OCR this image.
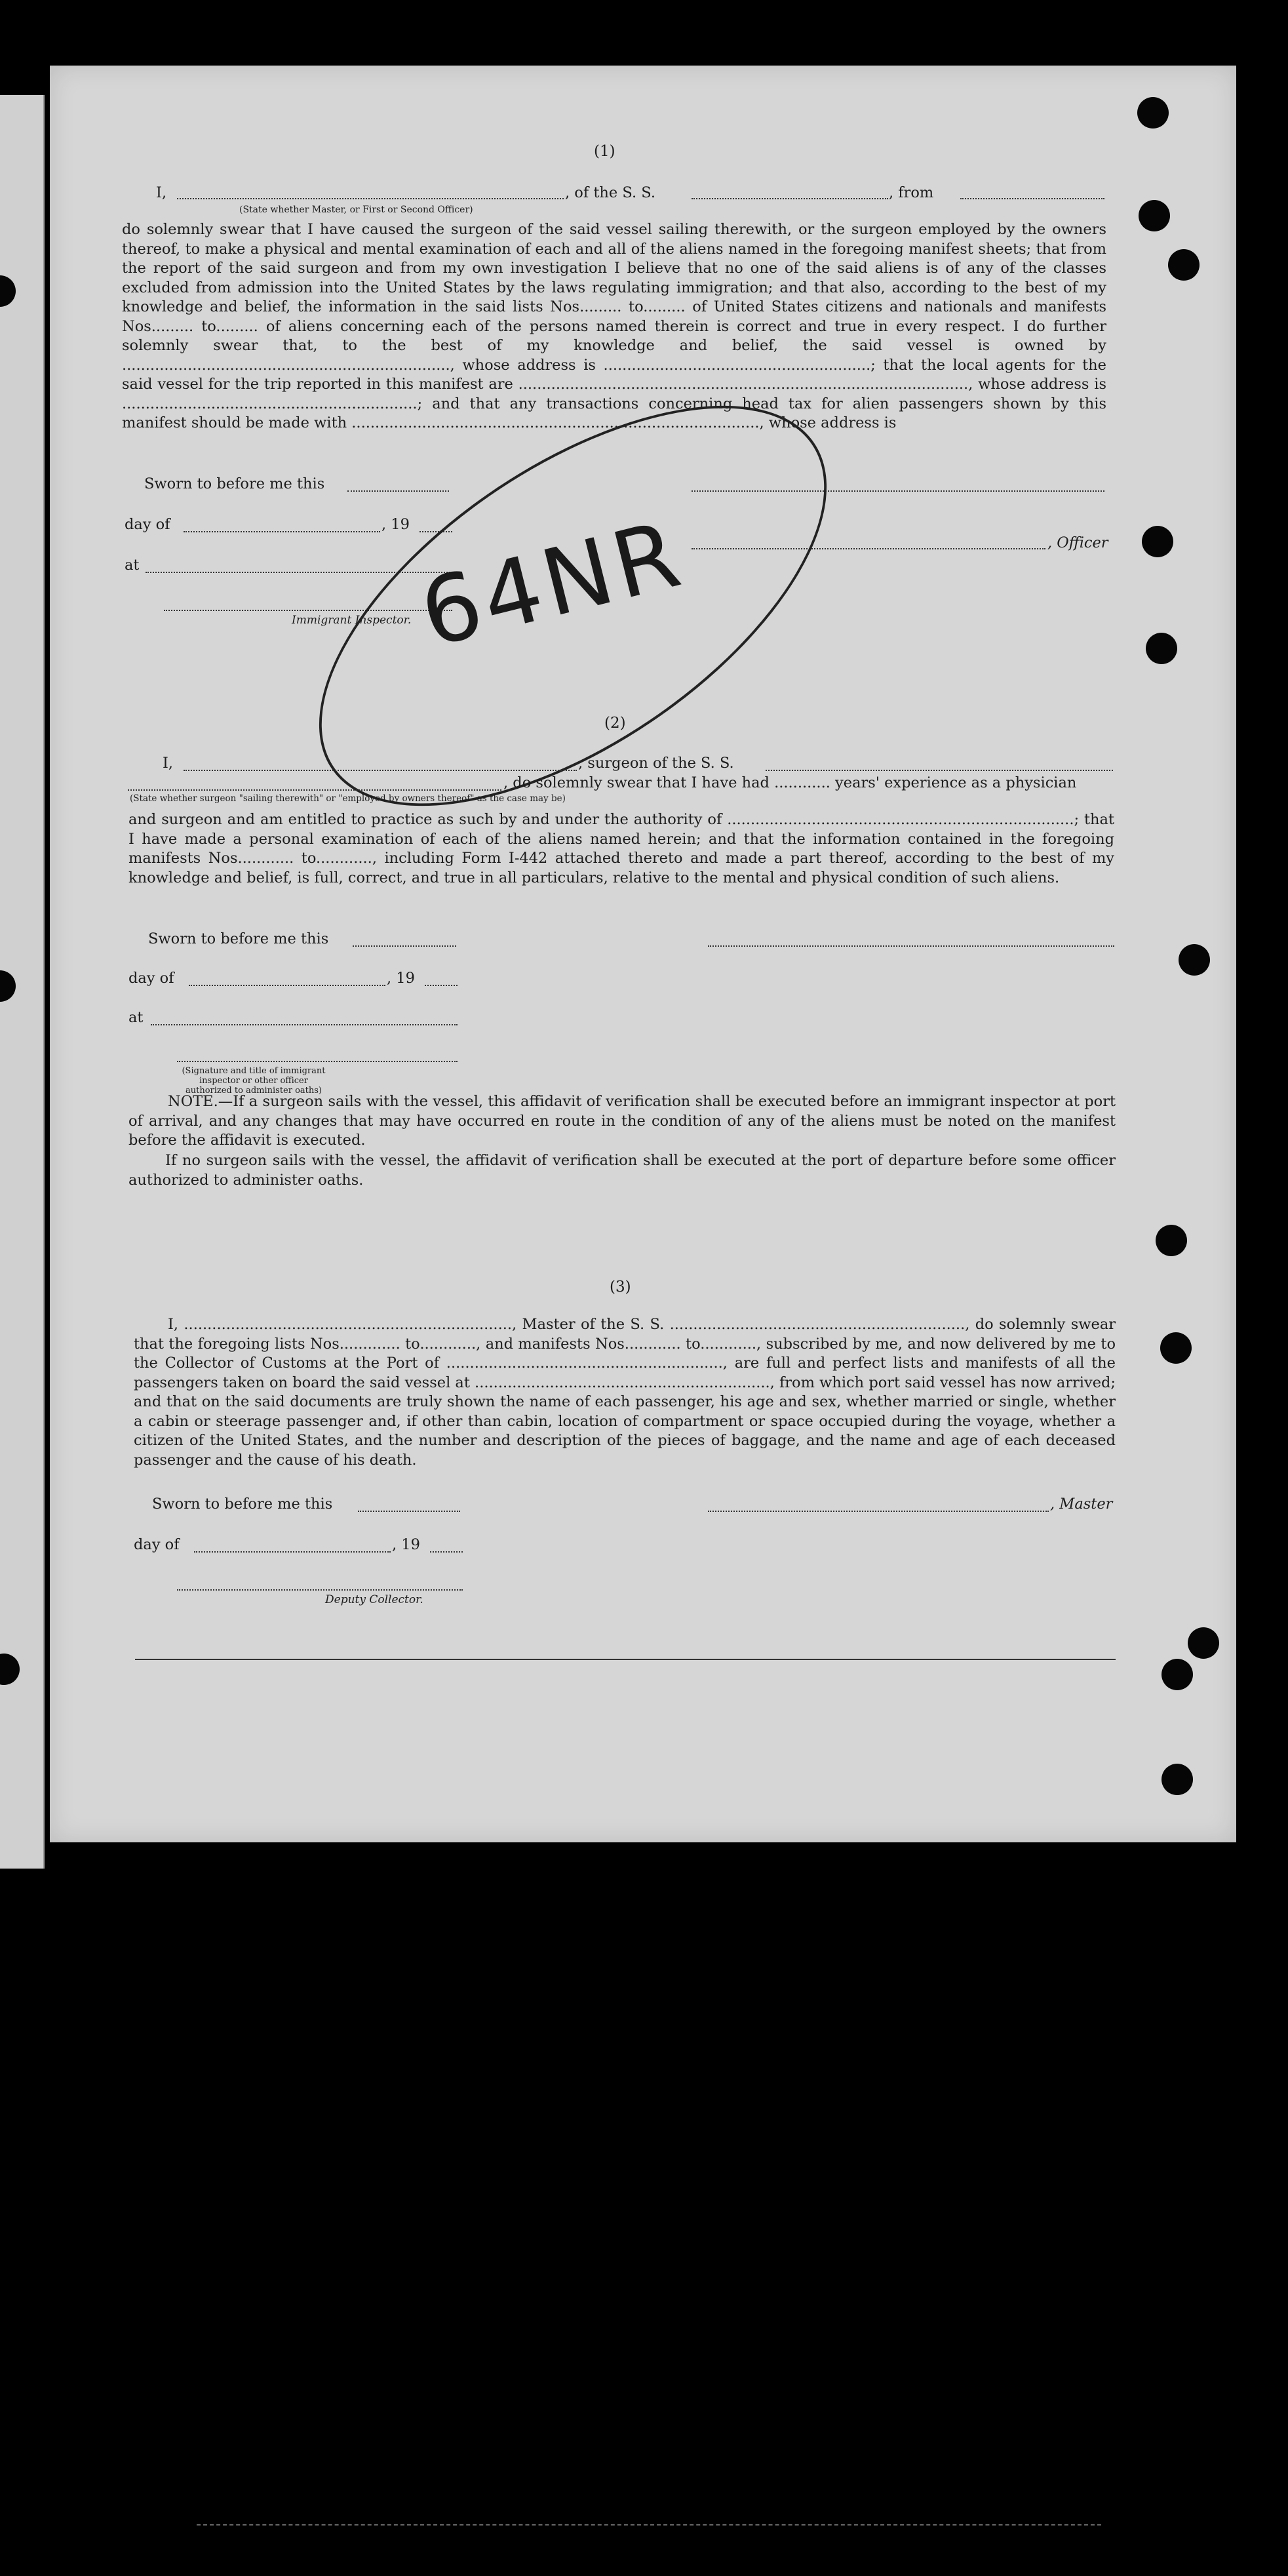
(1)
I,	, of the S. S.	, from
(State whether Master, or First or Second Officer)
do solemnly swear that I have caused the surgeon of the said vessel sailing therewith, or the surgeon employed by the owners thereof, to make a physical and mental examination of each and all of the aliens named in the foregoing manifest sheets; that from the report of the said surgeon and from my own investigation I believe that no one of the said aliens is of any of the classes excluded from admission into the United States by the laws regulating immigration; and that also, according to the best of my knowledge and belief, the information in the said lists Nos......... to......... of United States citizens and nationals and manifests Nos......... to......... of aliens concerning each of the persons named therein is correct and true in every respect. I do further solemnly swear that, to the best of my knowledge and belief, the said vessel is owned by ......................................................................, whose address is .........................................................; that the local agents for the said vessel for the trip reported in this manifest are ................................................................................................, whose address is ...............................................................; and that any transactions concerning head tax for alien passengers shown by this manifest should be made with ......................................................................................., whose address is
Sworn to before me this
day of	, 19
, Officer
at
Immigrant Inspector.
64NR
(2)
I,	, surgeon of the S. S.
, do solemnly swear that I have had ............ years' experience as a physician
(State whether surgeon "sailing therewith" or "employed by owners thereof" as the case may be)
and surgeon and am entitled to practice as such by and under the authority of ..........................................................................; that I have made a personal examination of each of the aliens named herein; and that the information contained in the foregoing manifests Nos............ to............, including Form I-442 attached thereto and made a part thereof, according to the best of my knowledge and belief, is full, correct, and true in all particulars, relative to the mental and physical condition of such aliens.
Sworn to before me this
day of	, 19
at
(Signature and title of immigrant inspector or other officer authorized to administer oaths)
NOTE.—If a surgeon sails with the vessel, this affidavit of verification shall be executed before an immigrant inspector at port of arrival, and any changes that may have occurred en route in the condition of any of the aliens must be noted on the manifest before the affidavit is executed.
If no surgeon sails with the vessel, the affidavit of verification shall be executed at the port of departure before some officer authorized to administer oaths.
(3)
I, ......................................................................, Master of the S. S. ..............................................................., do solemnly swear that the foregoing lists Nos............. to............, and manifests Nos............ to............, subscribed by me, and now delivered by me to the Collector of Customs at the Port of ..........................................................., are full and perfect lists and manifests of all the passengers taken on board the said vessel at ..............................................................., from which port said vessel has now arrived; and that on the said documents are truly shown the name of each passenger, his age and sex, whether married or single, whether a cabin or steerage passenger and, if other than cabin, location of compartment or space occupied during the voyage, whether a citizen of the United States, and the number and description of the pieces of baggage, and the name and age of each deceased passenger and the cause of his death.
Sworn to before me this	, Master
day of	, 19
Deputy Collector.
